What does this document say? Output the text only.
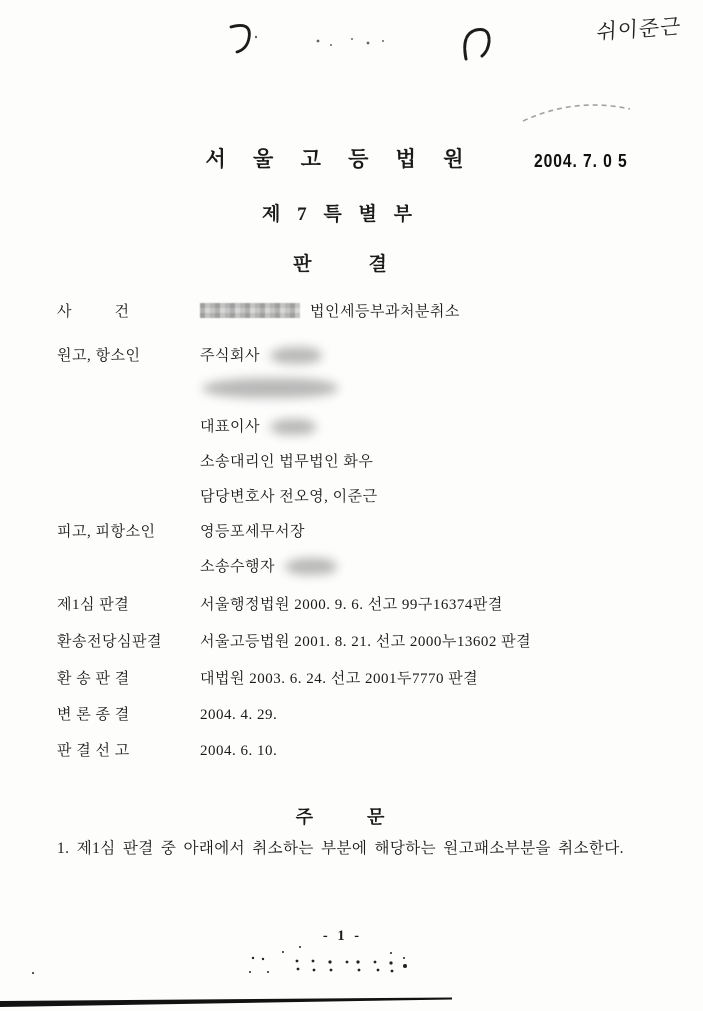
쉬이준근
서 울 고 등 법 원	2004. 7. 0 5
제 7 특 별 부
판            결
사          건	법인세등부과처분취소
원고, 항소인	주식회사
대표이사
소송대리인 법무법인 화우
담당변호사 전오영, 이준근
피고, 피항소인	영등포세무서장
소송수행자
제1심 판결	서울행정법원 2000. 9. 6. 선고 99구16374판결
환송전당심판결	서울고등법원 2001. 8. 21. 선고 2000누13602 판결
환 송 판 결	대법원 2003. 6. 24. 선고 2001두7770 판결
변 론 종 결	2004. 4. 29.
판 결 선 고	2004. 6. 10.
주            문
1. 제1심 판결 중 아래에서 취소하는 부분에 해당하는 원고패소부분을 취소한다.
- 1 -
